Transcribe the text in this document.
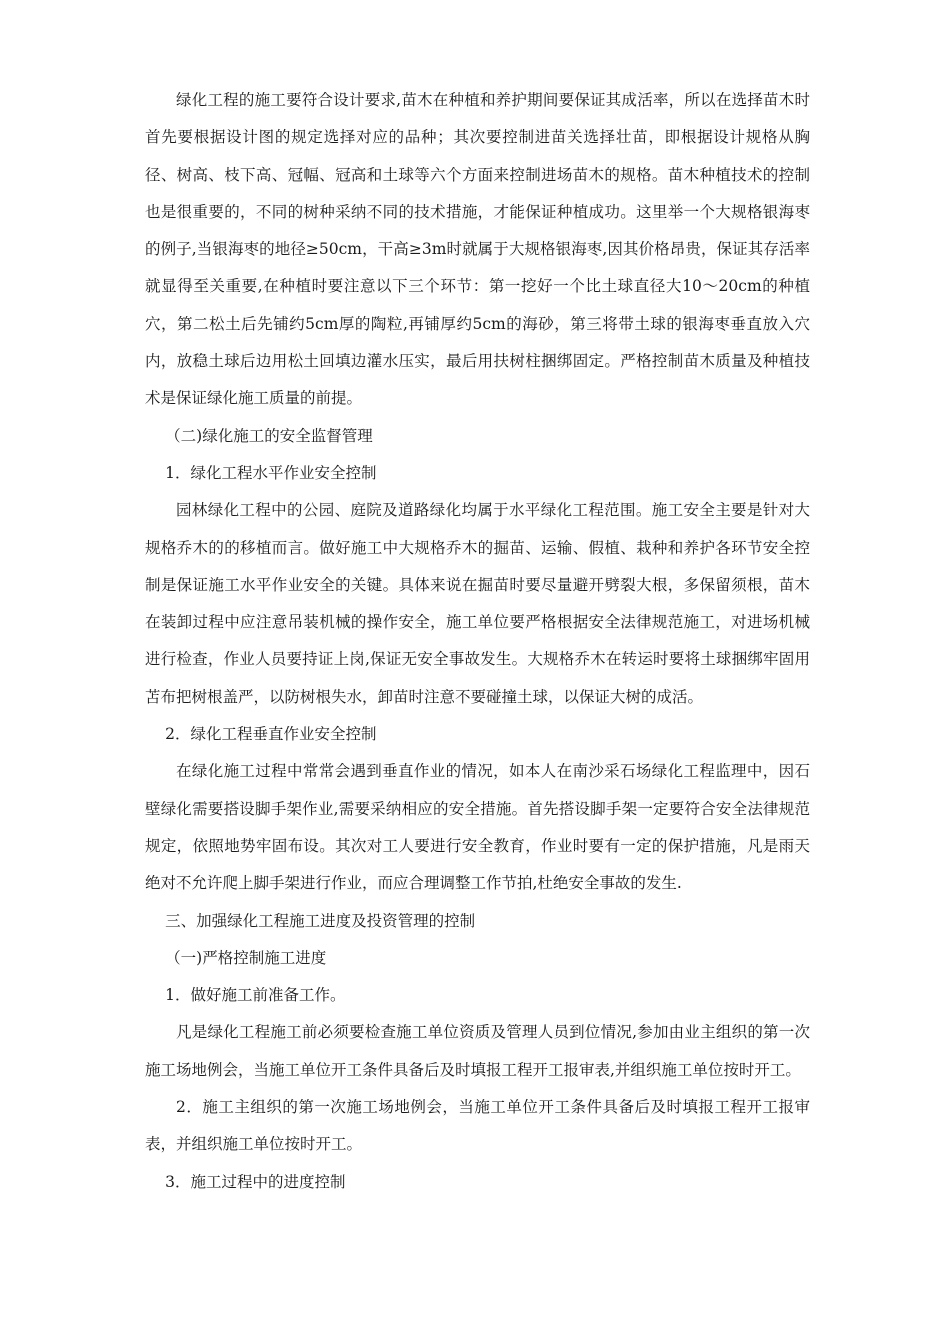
绿化工程的施工要符合设计要求,苗木在种植和养护期间要保证其成活率，所以在选择苗木时首先要根据设计图的规定选择对应的品种；其次要控制进苗关选择壮苗，即根据设计规格从胸径、树高、枝下高、冠幅、冠高和土球等六个方面来控制进场苗木的规格。苗木种植技术的控制也是很重要的，不同的树种采纳不同的技术措施，才能保证种植成功。这里举一个大规格银海枣的例子,当银海枣的地径≥50cm，干高≥3m时就属于大规格银海枣,因其价格昂贵，保证其存活率就显得至关重要,在种植时要注意以下三个环节：第一挖好一个比土球直径大10～20cm的种植穴，第二松土后先铺约5cm厚的陶粒,再铺厚约5cm的海砂，第三将带土球的银海枣垂直放入穴内，放稳土球后边用松土回填边灌水压实，最后用扶树柱捆绑固定。严格控制苗木质量及种植技术是保证绿化施工质量的前提。

（二)绿化施工的安全监督管理

1．绿化工程水平作业安全控制

园林绿化工程中的公园、庭院及道路绿化均属于水平绿化工程范围。施工安全主要是针对大规格乔木的的移植而言。做好施工中大规格乔木的掘苗、运输、假植、栽种和养护各环节安全控制是保证施工水平作业安全的关键。具体来说在掘苗时要尽量避开劈裂大根，多保留须根，苗木在装卸过程中应注意吊装机械的操作安全，施工单位要严格根据安全法律规范施工，对进场机械进行检查，作业人员要持证上岗,保证无安全事故发生。大规格乔木在转运时要将土球捆绑牢固用苫布把树根盖严，以防树根失水，卸苗时注意不要碰撞土球，以保证大树的成活。

2．绿化工程垂直作业安全控制

在绿化施工过程中常常会遇到垂直作业的情况，如本人在南沙采石场绿化工程监理中，因石壁绿化需要搭设脚手架作业,需要采纳相应的安全措施。首先搭设脚手架一定要符合安全法律规范规定，依照地势牢固布设。其次对工人要进行安全教育，作业时要有一定的保护措施，凡是雨天绝对不允许爬上脚手架进行作业，而应合理调整工作节拍,杜绝安全事故的发生.

三、加强绿化工程施工进度及投资管理的控制

（一)严格控制施工进度

1．做好施工前准备工作。

凡是绿化工程施工前必须要检查施工单位资质及管理人员到位情况,参加由业主组织的第一次施工场地例会，当施工单位开工条件具备后及时填报工程开工报审表,并组织施工单位按时开工。

2．施工主组织的第一次施工场地例会，当施工单位开工条件具备后及时填报工程开工报审表，并组织施工单位按时开工。

3．施工过程中的进度控制
